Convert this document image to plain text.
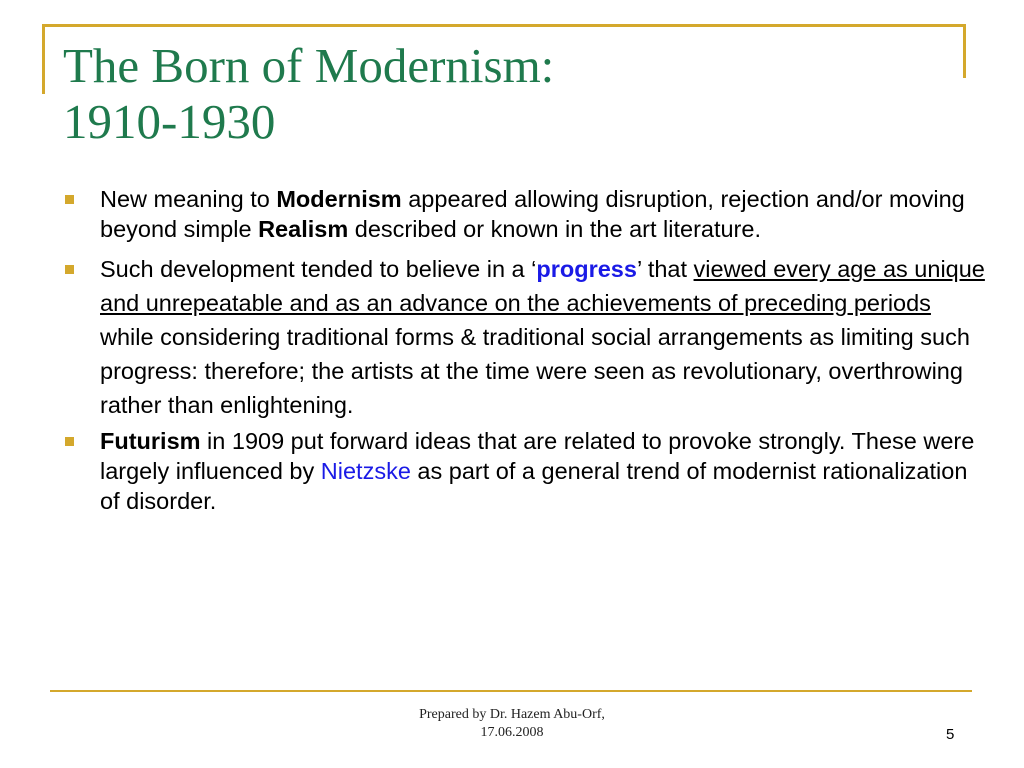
The Born of Modernism:
1910-1930
New meaning to Modernism appeared allowing disruption, rejection and/or moving beyond simple Realism described or known in the art literature.
Such development tended to believe in a ‘progress’ that viewed every age as unique and unrepeatable and as an advance on the achievements of preceding periods while considering traditional forms & traditional social arrangements as limiting such progress: therefore; the artists at the time were seen as revolutionary, overthrowing rather than enlightening.
Futurism in 1909 put forward ideas that are related to provoke strongly. These were largely influenced by Nietzske as part of a general trend of modernist rationalization of disorder.
Prepared by Dr. Hazem Abu-Orf,
17.06.2008	5
